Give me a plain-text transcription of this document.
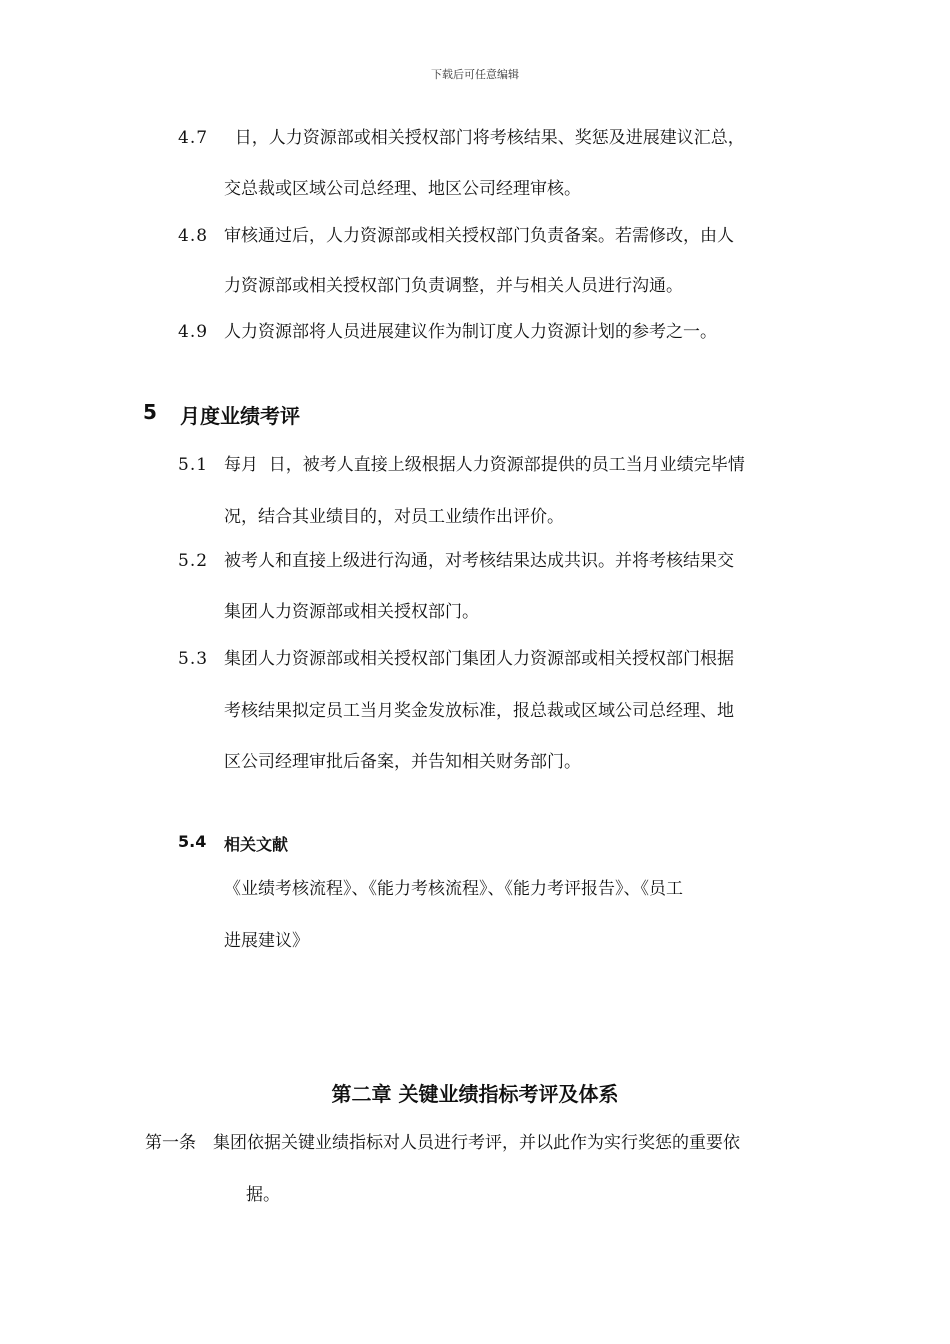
下载后可任意编辑
4.7 日，人力资源部或相关授权部门将考核结果、奖惩及进展建议汇总，
交总裁或区域公司总经理、地区公司经理审核。
4.8 审核通过后，人力资源部或相关授权部门负责备案。若需修改，由人
力资源部或相关授权部门负责调整，并与相关人员进行沟通。
4.9 人力资源部将人员进展建议作为制订度人力资源计划的参考之一。
5 月度业绩考评
5.1 每月  日，被考人直接上级根据人力资源部提供的员工当月业绩完毕情
况，结合其业绩目的，对员工业绩作出评价。
5.2 被考人和直接上级进行沟通，对考核结果达成共识。并将考核结果交
集团人力资源部或相关授权部门。
5.3 集团人力资源部或相关授权部门集团人力资源部或相关授权部门根据
考核结果拟定员工当月奖金发放标准，报总裁或区域公司总经理、地
区公司经理审批后备案，并告知相关财务部门。
5.4 相关文献
《业绩考核流程》、《能力考核流程》、《能力考评报告》、《员工
进展建议》
第二章 关键业绩指标考评及体系
第一条 集团依据关键业绩指标对人员进行考评，并以此作为实行奖惩的重要依
据。
